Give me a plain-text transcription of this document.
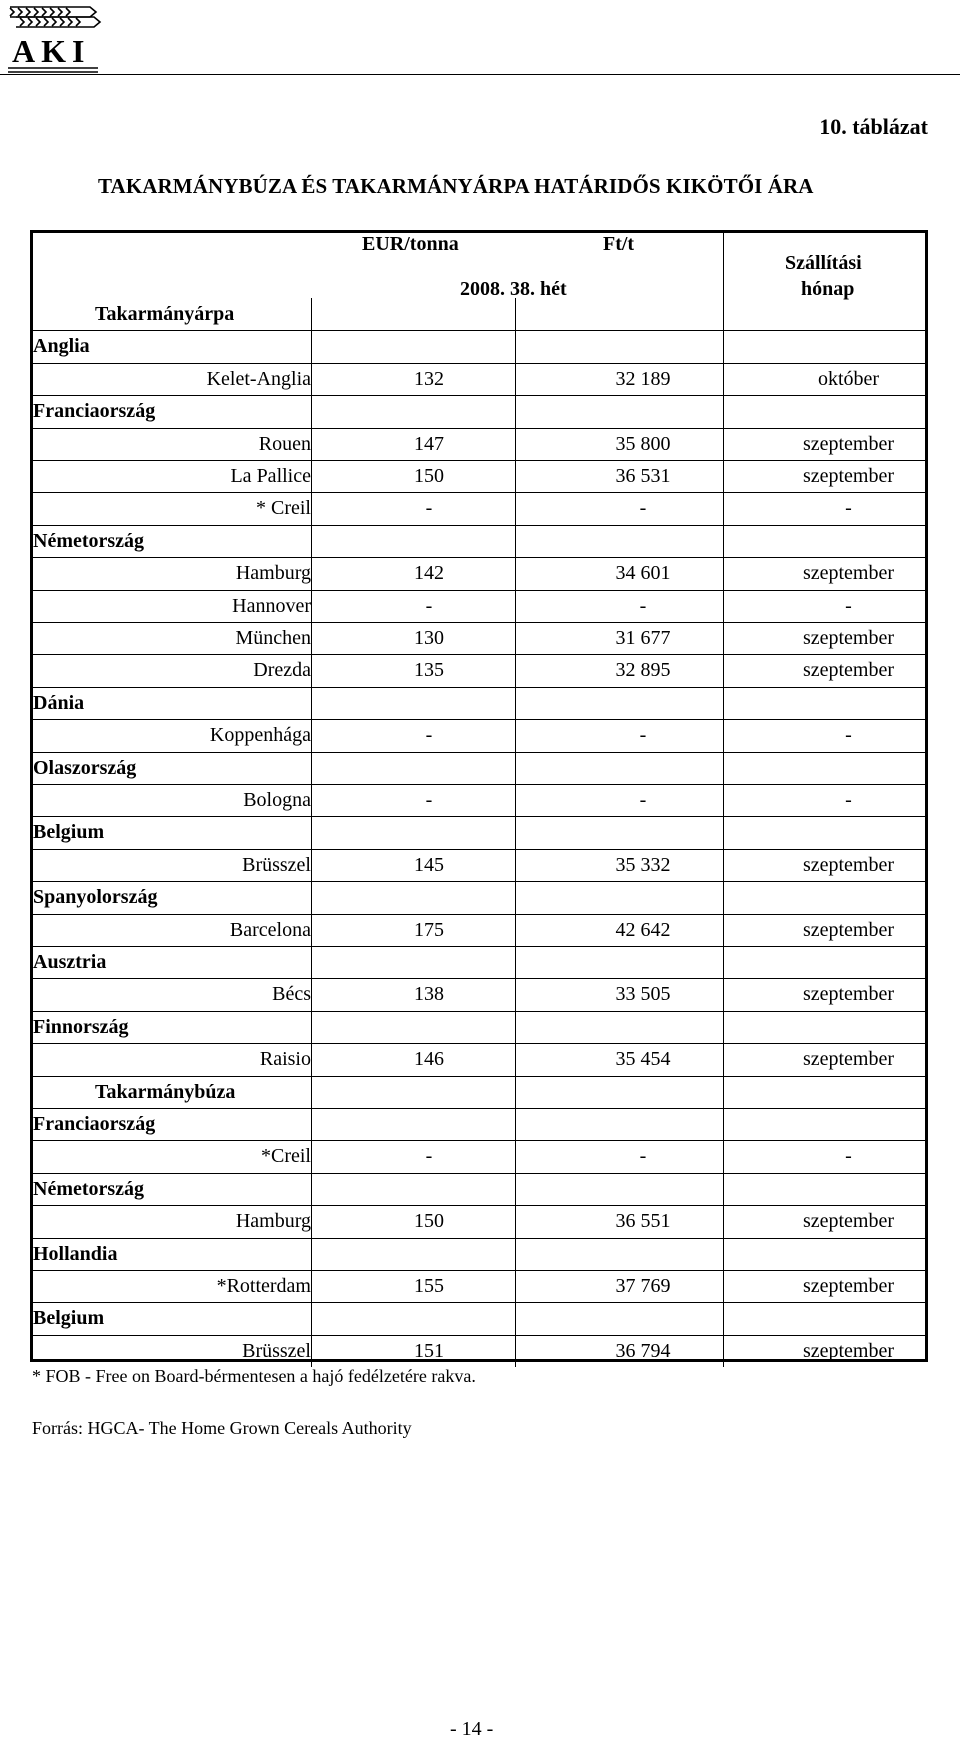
AKI
10. táblázat
TAKARMÁNYBÚZA ÉS TAKARMÁNYÁRPA HATÁRIDŐS KIKÖTŐI ÁRA
EUR/tonna	Ft/t
2008. 38. hét
Szállítási
hónap
Takarmányárpa
Anglia
Kelet-Anglia	132	32 189	október
Franciaország
Rouen	147	35 800	szeptember
La Pallice	150	36 531	szeptember
* Creil	-	-	-
Németország
Hamburg	142	34 601	szeptember
Hannover	-	-	-
München	130	31 677	szeptember
Drezda	135	32 895	szeptember
Dánia
Koppenhága	-	-	-
Olaszország
Bologna	-	-	-
Belgium
Brüsszel	145	35 332	szeptember
Spanyolország
Barcelona	175	42 642	szeptember
Ausztria
Bécs	138	33 505	szeptember
Finnország
Raisio	146	35 454	szeptember
Takarmánybúza
Franciaország
*Creil	-	-	-
Németország
Hamburg	150	36 551	szeptember
Hollandia
*Rotterdam	155	37 769	szeptember
Belgium
Brüsszel	151	36 794	szeptember
* FOB - Free on Board-bérmentesen a hajó fedélzetére rakva.
Forrás: HGCA- The Home Grown Cereals Authority
- 14 -
